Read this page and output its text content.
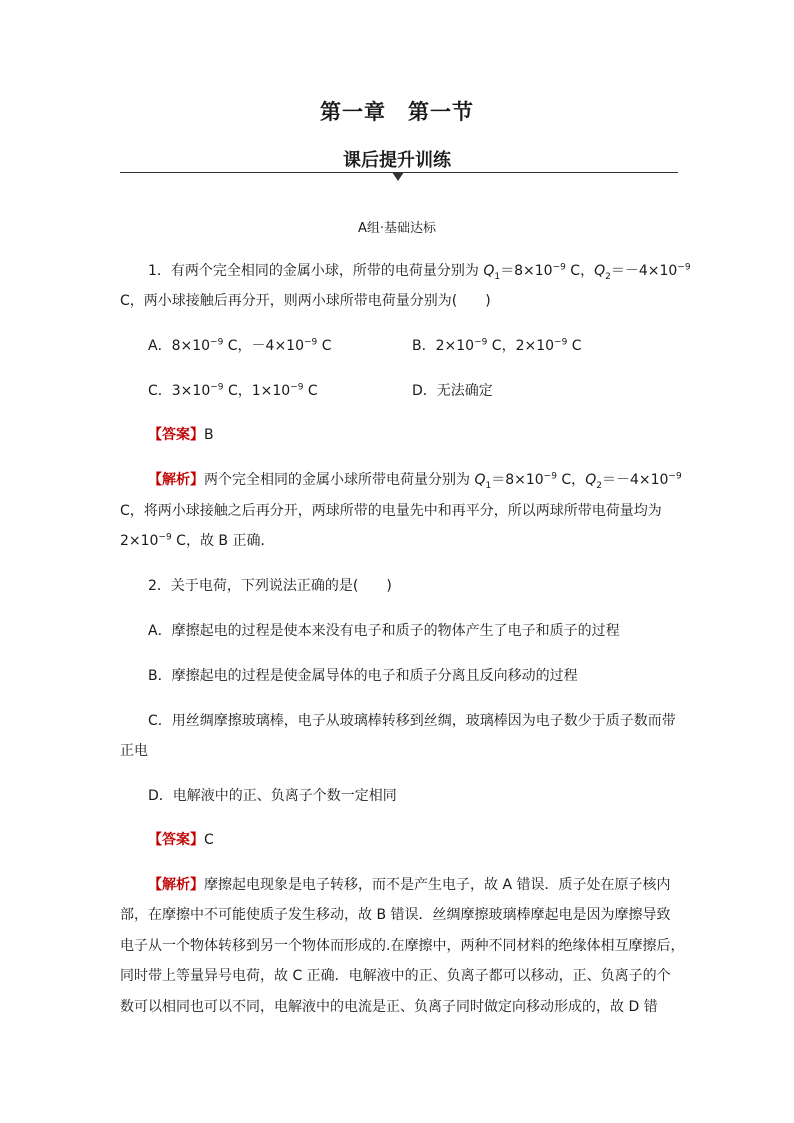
第一章　第一节
课后提升训练
A组·基础达标
1．有两个完全相同的金属小球，所带的电荷量分别为 $Q_1=8\times 10^{-9}$ C，$Q_2=-4\times 10^{-9}$
C，两小球接触后再分开，则两小球所带电荷量分别为(　　)
A．$8\times 10^{-9}$ C，$-4\times 10^{-9}$ C	B．$2\times 10^{-9}$ C，$2\times 10^{-9}$ C
C．$3\times 10^{-9}$ C，$1\times 10^{-9}$ C	D．无法确定
【答案】B
【解析】两个完全相同的金属小球所带电荷量分别为 $Q_1=8\times 10^{-9}$ C，$Q_2=-4\times 10^{-9}$
C，将两小球接触之后再分开，两球所带的电量先中和再平分，所以两球所带电荷量均为
$2\times 10^{-9}$ C，故 B 正确．
2．关于电荷，下列说法正确的是(　　)
A．摩擦起电的过程是使本来没有电子和质子的物体产生了电子和质子的过程
B．摩擦起电的过程是使金属导体的电子和质子分离且反向移动的过程
C．用丝绸摩擦玻璃棒，电子从玻璃棒转移到丝绸，玻璃棒因为电子数少于质子数而带
正电
D．电解液中的正、负离子个数一定相同
【答案】C
【解析】摩擦起电现象是电子转移，而不是产生电子，故 A 错误．质子处在原子核内
部，在摩擦中不可能使质子发生移动，故 B 错误．丝绸摩擦玻璃棒摩起电是因为摩擦导致
电子从一个物体转移到另一个物体而形成的.在摩擦中，两种不同材料的绝缘体相互摩擦后，
同时带上等量异号电荷，故 C 正确．电解液中的正、负离子都可以移动，正、负离子的个
数可以相同也可以不同，电解液中的电流是正、负离子同时做定向移动形成的，故 D 错
